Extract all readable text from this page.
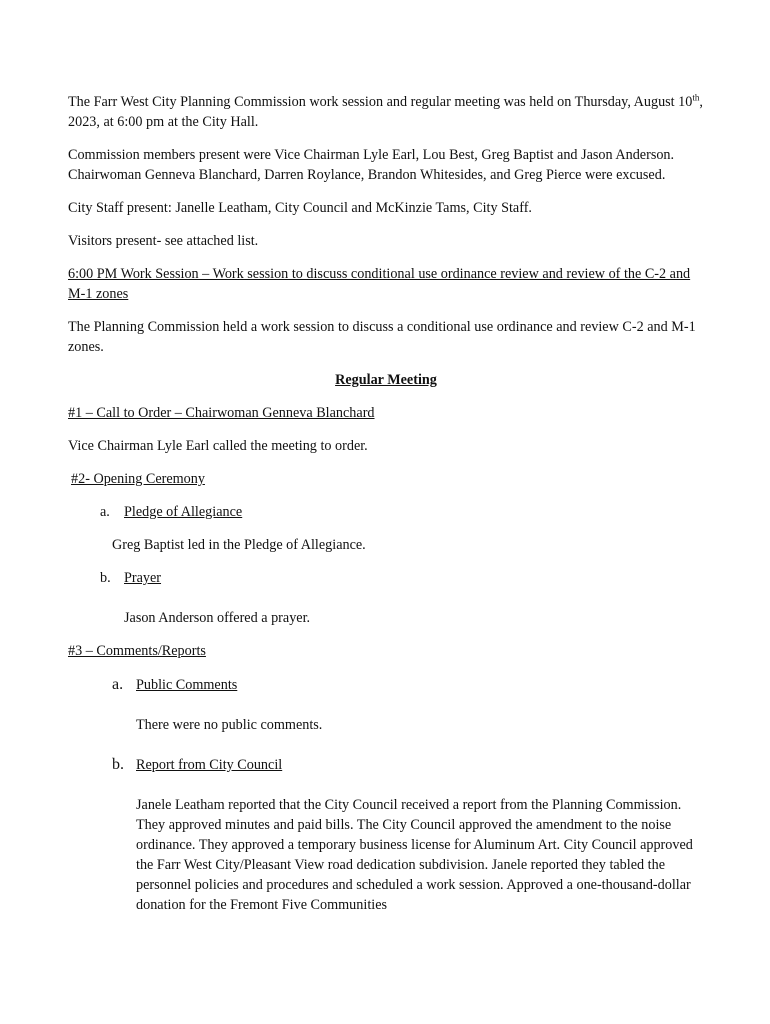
The Farr West City Planning Commission work session and regular meeting was held on Thursday, August 10th, 2023, at 6:00 pm at the City Hall.

Commission members present were Vice Chairman Lyle Earl, Lou Best, Greg Baptist and Jason Anderson. Chairwoman Genneva Blanchard, Darren Roylance, Brandon Whitesides, and Greg Pierce were excused.

City Staff present: Janelle Leatham, City Council and McKinzie Tams, City Staff.

Visitors present- see attached list.

6:00 PM Work Session – Work session to discuss conditional use ordinance review and review of the C-2 and M-1 zones

The Planning Commission held a work session to discuss a conditional use ordinance and review C-2 and M-1 zones.

Regular Meeting

#1 – Call to Order – Chairwoman Genneva Blanchard

Vice Chairman Lyle Earl called the meeting to order.

#2- Opening Ceremony

a. Pledge of Allegiance

Greg Baptist led in the Pledge of Allegiance.

b. Prayer

Jason Anderson offered a prayer.

#3 – Comments/Reports

a. Public Comments

There were no public comments.

b. Report from City Council

Janele Leatham reported that the City Council received a report from the Planning Commission. They approved minutes and paid bills. The City Council approved the amendment to the noise ordinance. They approved a temporary business license for Aluminum Art. City Council approved the Farr West City/Pleasant View road dedication subdivision. Janele reported they tabled the personnel policies and procedures and scheduled a work session. Approved a one-thousand-dollar donation for the Fremont Five Communities
